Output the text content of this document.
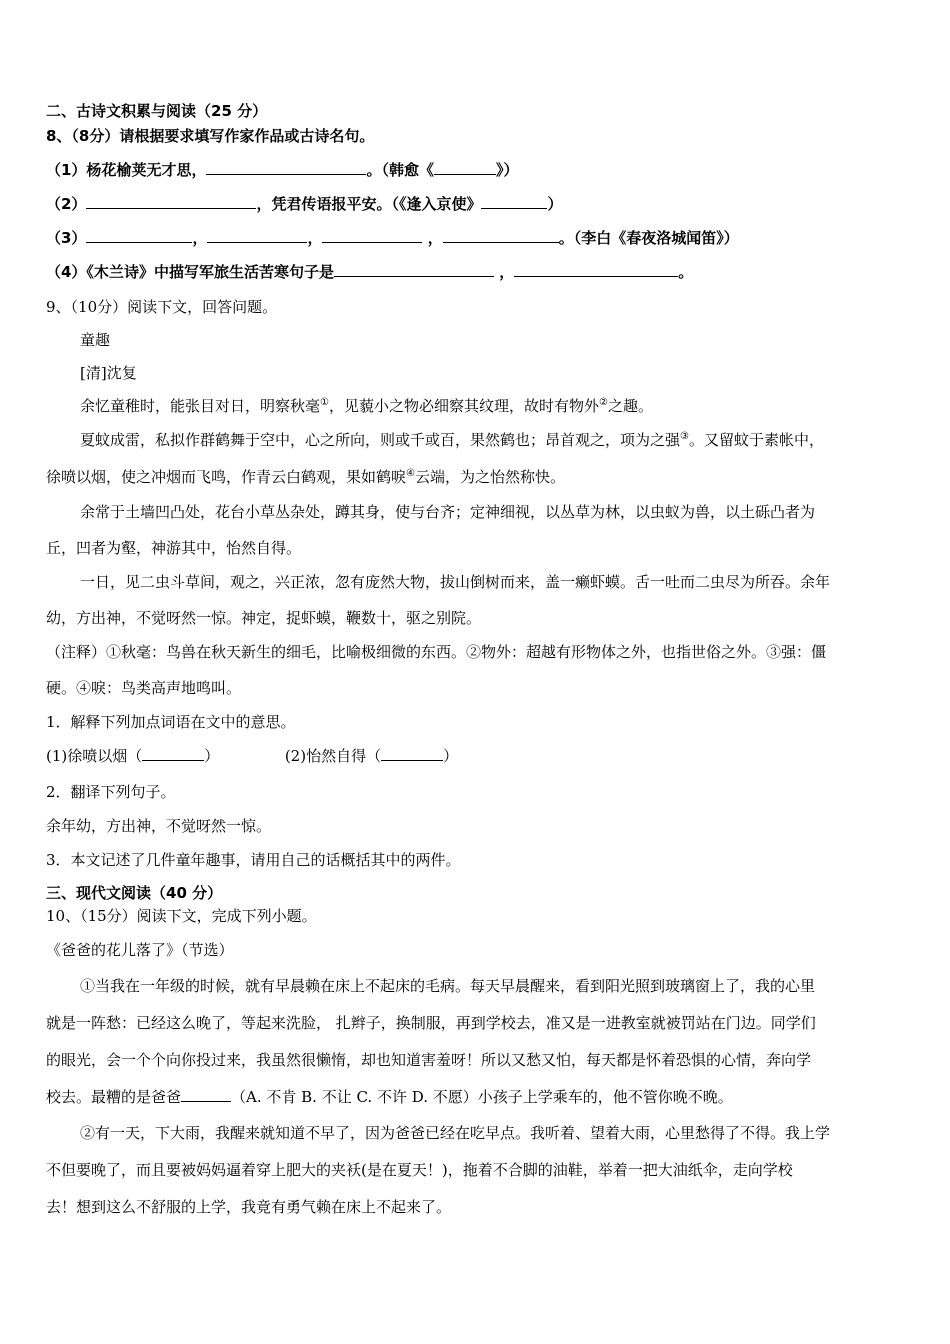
二、古诗文积累与阅读（25 分）
8、（8分）请根据要求填写作家作品或古诗名句。
（1）杨花榆荚无才思，	。（韩愈《	》）
（2）	，凭君传语报平安。（《逢入京使》	）
（3）	，	，	，	。（李白《春夜洛城闻笛》）
（4）《木兰诗》中描写军旅生活苦寒句子是	，	。
9、（10分）阅读下文，回答问题。
童趣
[清]沈复
余忆童稚时，能张目对日，明察秋毫①，见藐小之物必细察其纹理，故时有物外②之趣。
夏蚊成雷，私拟作群鹤舞于空中，心之所向，则或千或百，果然鹤也；昂首观之，项为之强③。又留蚊于素帐中，
徐喷以烟，使之冲烟而飞鸣，作青云白鹤观，果如鹤唳④云端，为之怡然称快。
余常于土墙凹凸处，花台小草丛杂处，蹲其身，使与台齐；定神细视，以丛草为林，以虫蚁为兽，以土砾凸者为
丘，凹者为壑，神游其中，怡然自得。
一日，见二虫斗草间，观之，兴正浓，忽有庞然大物，拔山倒树而来，盖一癞虾蟆。舌一吐而二虫尽为所吞。余年
幼，方出神，不觉呀然一惊。神定，捉虾蟆，鞭数十，驱之别院。
（注释）①秋毫：鸟兽在秋天新生的细毛，比喻极细微的东西。②物外：超越有形物体之外，也指世俗之外。③强：僵
硬。④唳：鸟类高声地鸣叫。
1．解释下列加点词语在文中的意思。
(1)徐喷以烟（	）	(2)怡然自得（	）
2．翻译下列句子。
余年幼，方出神，不觉呀然一惊。
3．本文记述了几件童年趣事，请用自己的话概括其中的两件。
三、现代文阅读（40 分）
10、（15分）阅读下文，完成下列小题。
《爸爸的花儿落了》（节选）
①当我在一年级的时候，就有早晨赖在床上不起床的毛病。每天早晨醒来，看到阳光照到玻璃窗上了，我的心里
就是一阵愁：已经这么晚了，等起来洗脸， 扎辫子，换制服，再到学校去，准又是一进教室就被罚站在门边。同学们
的眼光，会一个个向你投过来，我虽然很懒惰，却也知道害羞呀！所以又愁又怕，每天都是怀着恐惧的心情，奔向学
校去。最糟的是爸爸	（A. 不肯 B. 不让 C. 不许 D. 不愿）小孩子上学乘车的，他不管你晚不晚。
②有一天，下大雨，我醒来就知道不早了，因为爸爸已经在吃早点。我听着、望着大雨，心里愁得了不得。我上学
不但要晚了，而且要被妈妈逼着穿上肥大的夹袄(是在夏天！)，拖着不合脚的油鞋，举着一把大油纸伞，走向学校
去！想到这么不舒服的上学，我竟有勇气赖在床上不起来了。
